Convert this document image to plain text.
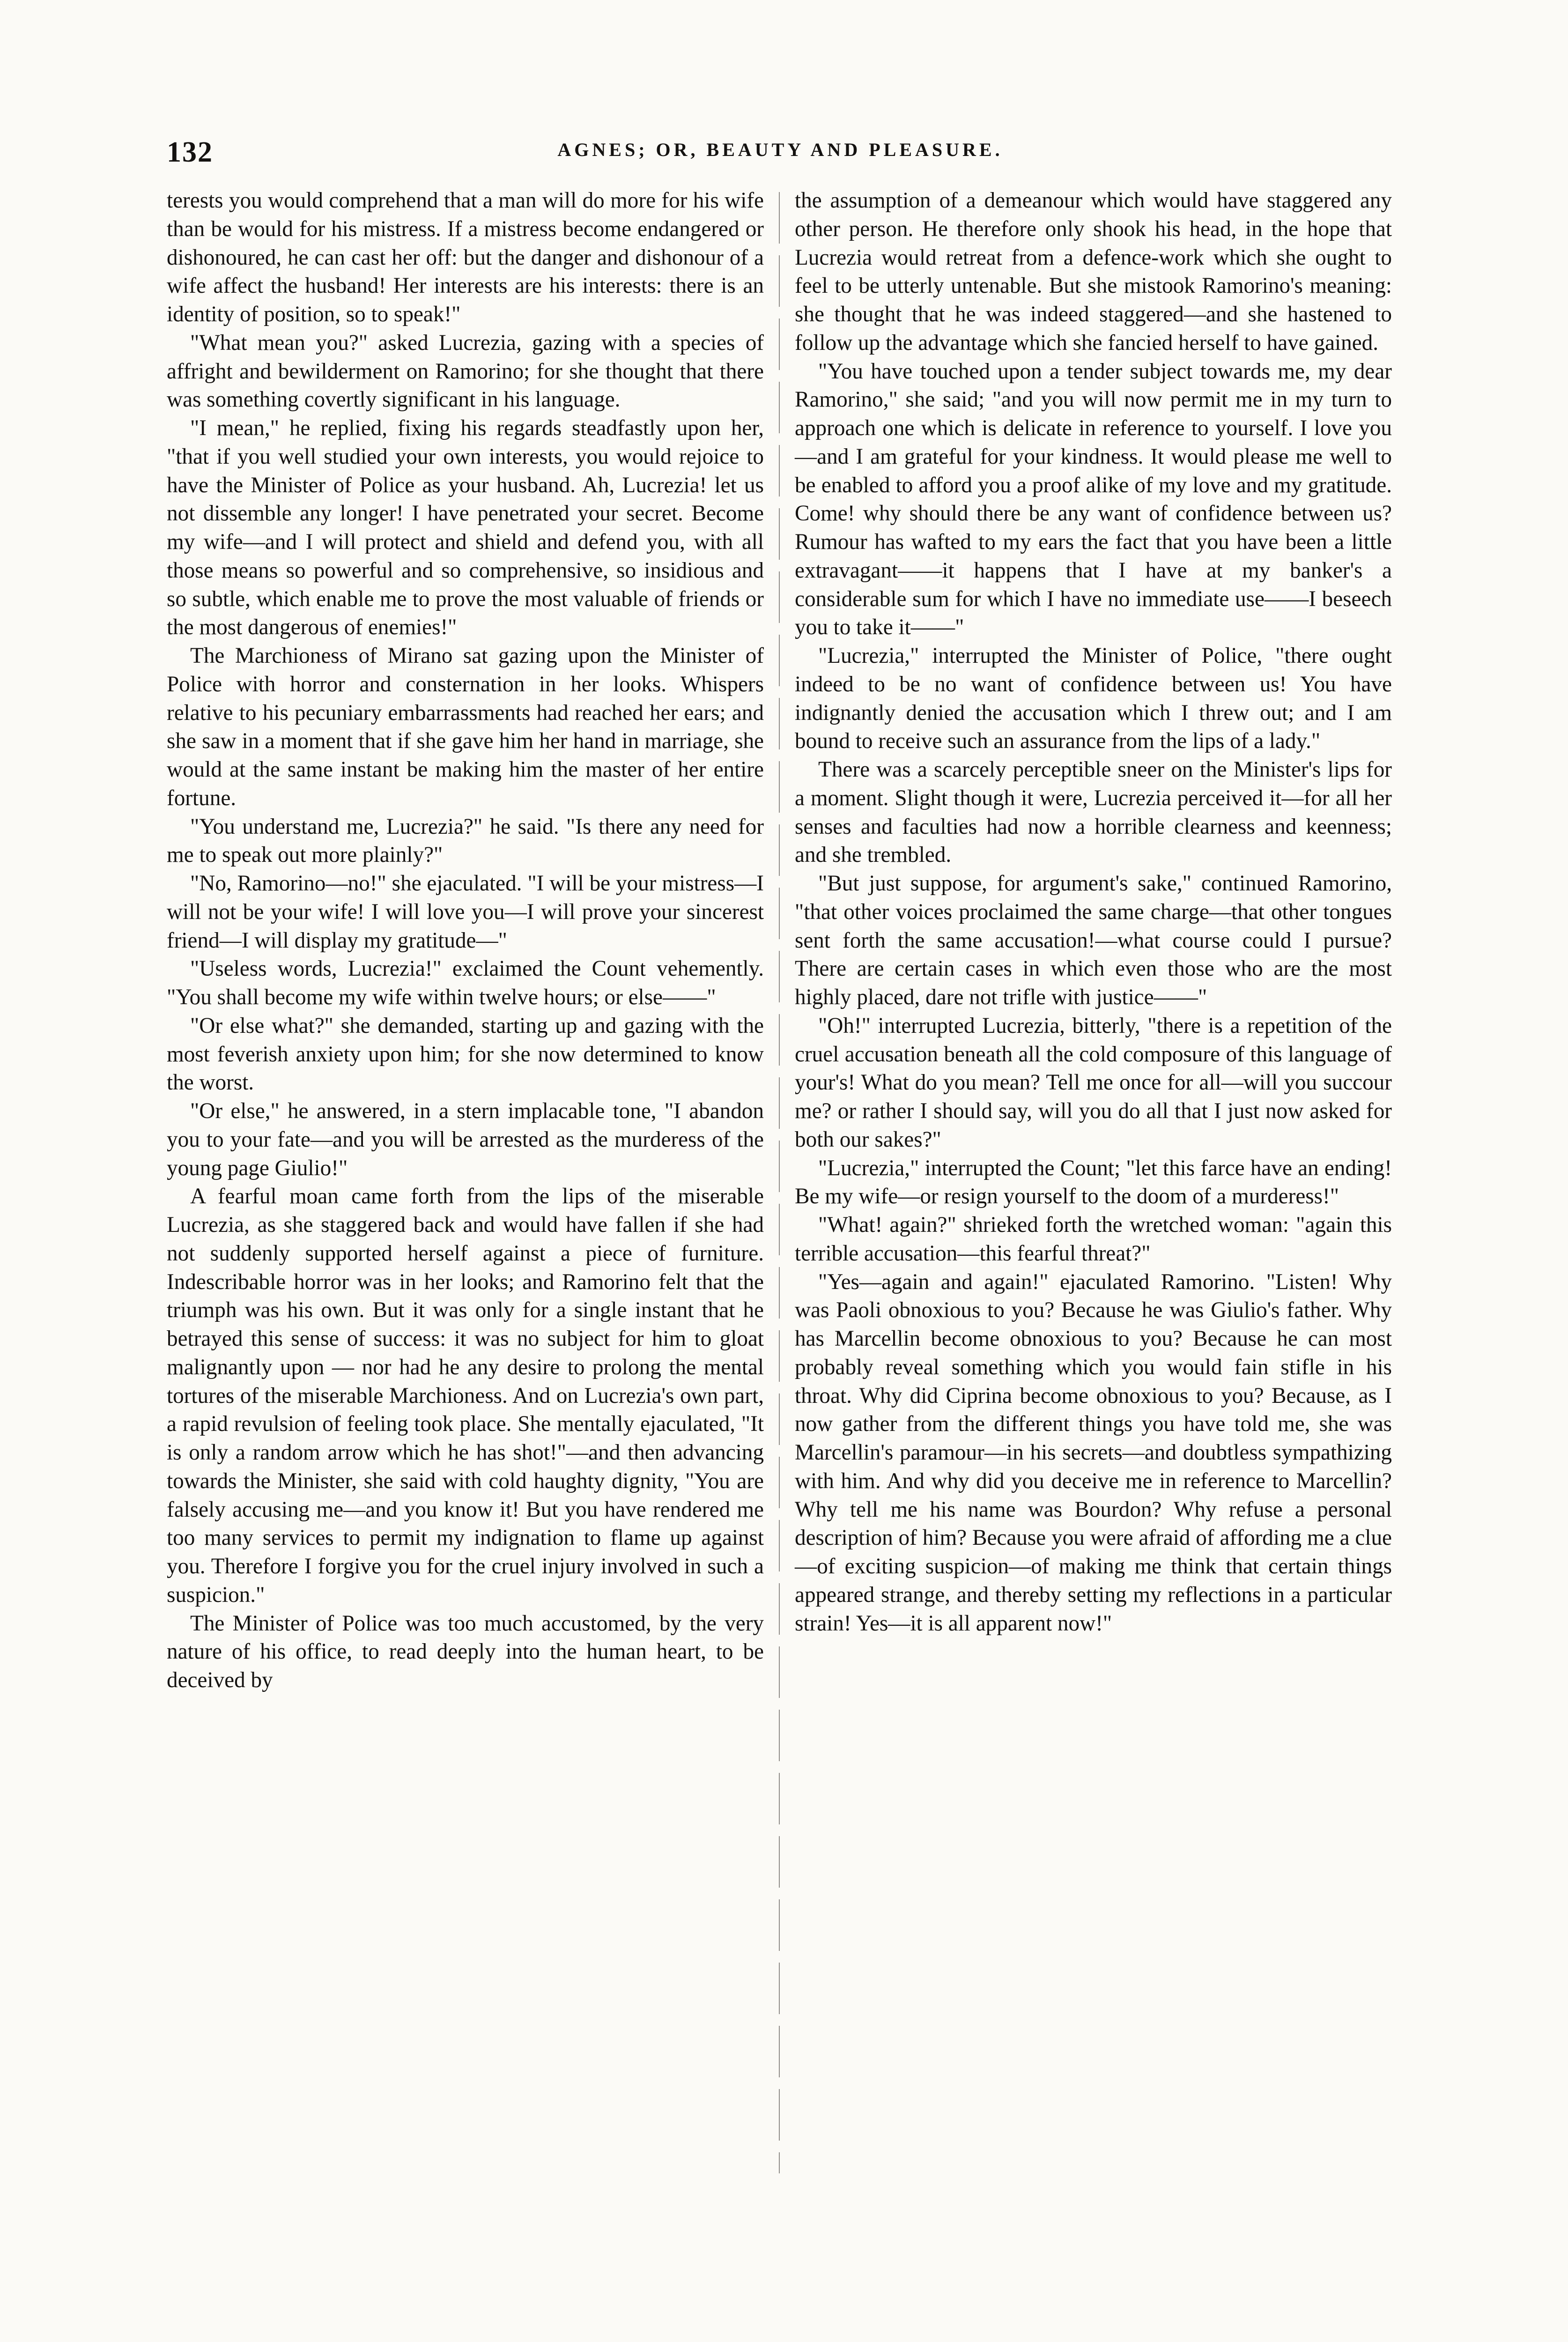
132	AGNES; OR, BEAUTY AND PLEASURE.

terests you would comprehend that a man will do more for his wife than be would for his mistress. If a mistress become endangered or dishonoured, he can cast her off: but the danger and dishonour of a wife affect the husband! Her interests are his interests: there is an identity of position, so to speak!"

"What mean you?" asked Lucrezia, gazing with a species of affright and bewilderment on Ramorino; for she thought that there was something covertly significant in his language.

"I mean," he replied, fixing his regards steadfastly upon her, "that if you well studied your own interests, you would rejoice to have the Minister of Police as your husband. Ah, Lucrezia! let us not dissemble any longer! I have penetrated your secret. Become my wife—and I will protect and shield and defend you, with all those means so powerful and so comprehensive, so insidious and so subtle, which enable me to prove the most valuable of friends or the most dangerous of enemies!"

The Marchioness of Mirano sat gazing upon the Minister of Police with horror and consternation in her looks. Whispers relative to his pecuniary embarrassments had reached her ears; and she saw in a moment that if she gave him her hand in marriage, she would at the same instant be making him the master of her entire fortune.

"You understand me, Lucrezia?" he said. "Is there any need for me to speak out more plainly?"

"No, Ramorino—no!" she ejaculated. "I will be your mistress—I will not be your wife! I will love you—I will prove your sincerest friend—I will display my gratitude—"

"Useless words, Lucrezia!" exclaimed the Count vehemently. "You shall become my wife within twelve hours; or else——"

"Or else what?" she demanded, starting up and gazing with the most feverish anxiety upon him; for she now determined to know the worst.

"Or else," he answered, in a stern implacable tone, "I abandon you to your fate—and you will be arrested as the murderess of the young page Giulio!"

A fearful moan came forth from the lips of the miserable Lucrezia, as she staggered back and would have fallen if she had not suddenly supported herself against a piece of furniture. Indescribable horror was in her looks; and Ramorino felt that the triumph was his own. But it was only for a single instant that he betrayed this sense of success: it was no subject for him to gloat malignantly upon — nor had he any desire to prolong the mental tortures of the miserable Marchioness. And on Lucrezia's own part, a rapid revulsion of feeling took place. She mentally ejaculated, "It is only a random arrow which he has shot!"—and then advancing towards the Minister, she said with cold haughty dignity, "You are falsely accusing me—and you know it! But you have rendered me too many services to permit my indignation to flame up against you. Therefore I forgive you for the cruel injury involved in such a suspicion."

The Minister of Police was too much accustomed, by the very nature of his office, to read deeply into the human heart, to be deceived by

the assumption of a demeanour which would have staggered any other person. He therefore only shook his head, in the hope that Lucrezia would retreat from a defence-work which she ought to feel to be utterly untenable. But she mistook Ramorino's meaning: she thought that he was indeed staggered—and she hastened to follow up the advantage which she fancied herself to have gained.

"You have touched upon a tender subject towards me, my dear Ramorino," she said; "and you will now permit me in my turn to approach one which is delicate in reference to yourself. I love you—and I am grateful for your kindness. It would please me well to be enabled to afford you a proof alike of my love and my gratitude. Come! why should there be any want of confidence between us? Rumour has wafted to my ears the fact that you have been a little extravagant——it happens that I have at my banker's a considerable sum for which I have no immediate use——I beseech you to take it——"

"Lucrezia," interrupted the Minister of Police, "there ought indeed to be no want of confidence between us! You have indignantly denied the accusation which I threw out; and I am bound to receive such an assurance from the lips of a lady."

There was a scarcely perceptible sneer on the Minister's lips for a moment. Slight though it were, Lucrezia perceived it—for all her senses and faculties had now a horrible clearness and keenness; and she trembled.

"But just suppose, for argument's sake," continued Ramorino, "that other voices proclaimed the same charge—that other tongues sent forth the same accusation!—what course could I pursue? There are certain cases in which even those who are the most highly placed, dare not trifle with justice——"

"Oh!" interrupted Lucrezia, bitterly, "there is a repetition of the cruel accusation beneath all the cold composure of this language of your's! What do you mean? Tell me once for all—will you succour me? or rather I should say, will you do all that I just now asked for both our sakes?"

"Lucrezia," interrupted the Count; "let this farce have an ending! Be my wife—or resign yourself to the doom of a murderess!"

"What! again?" shrieked forth the wretched woman: "again this terrible accusation—this fearful threat?"

"Yes—again and again!" ejaculated Ramorino. "Listen! Why was Paoli obnoxious to you? Because he was Giulio's father. Why has Marcellin become obnoxious to you? Because he can most probably reveal something which you would fain stifle in his throat. Why did Ciprina become obnoxious to you? Because, as I now gather from the different things you have told me, she was Marcellin's paramour—in his secrets—and doubtless sympathizing with him. And why did you deceive me in reference to Marcellin? Why tell me his name was Bourdon? Why refuse a personal description of him? Because you were afraid of affording me a clue—of exciting suspicion—of making me think that certain things appeared strange, and thereby setting my reflections in a particular strain! Yes—it is all apparent now!"
